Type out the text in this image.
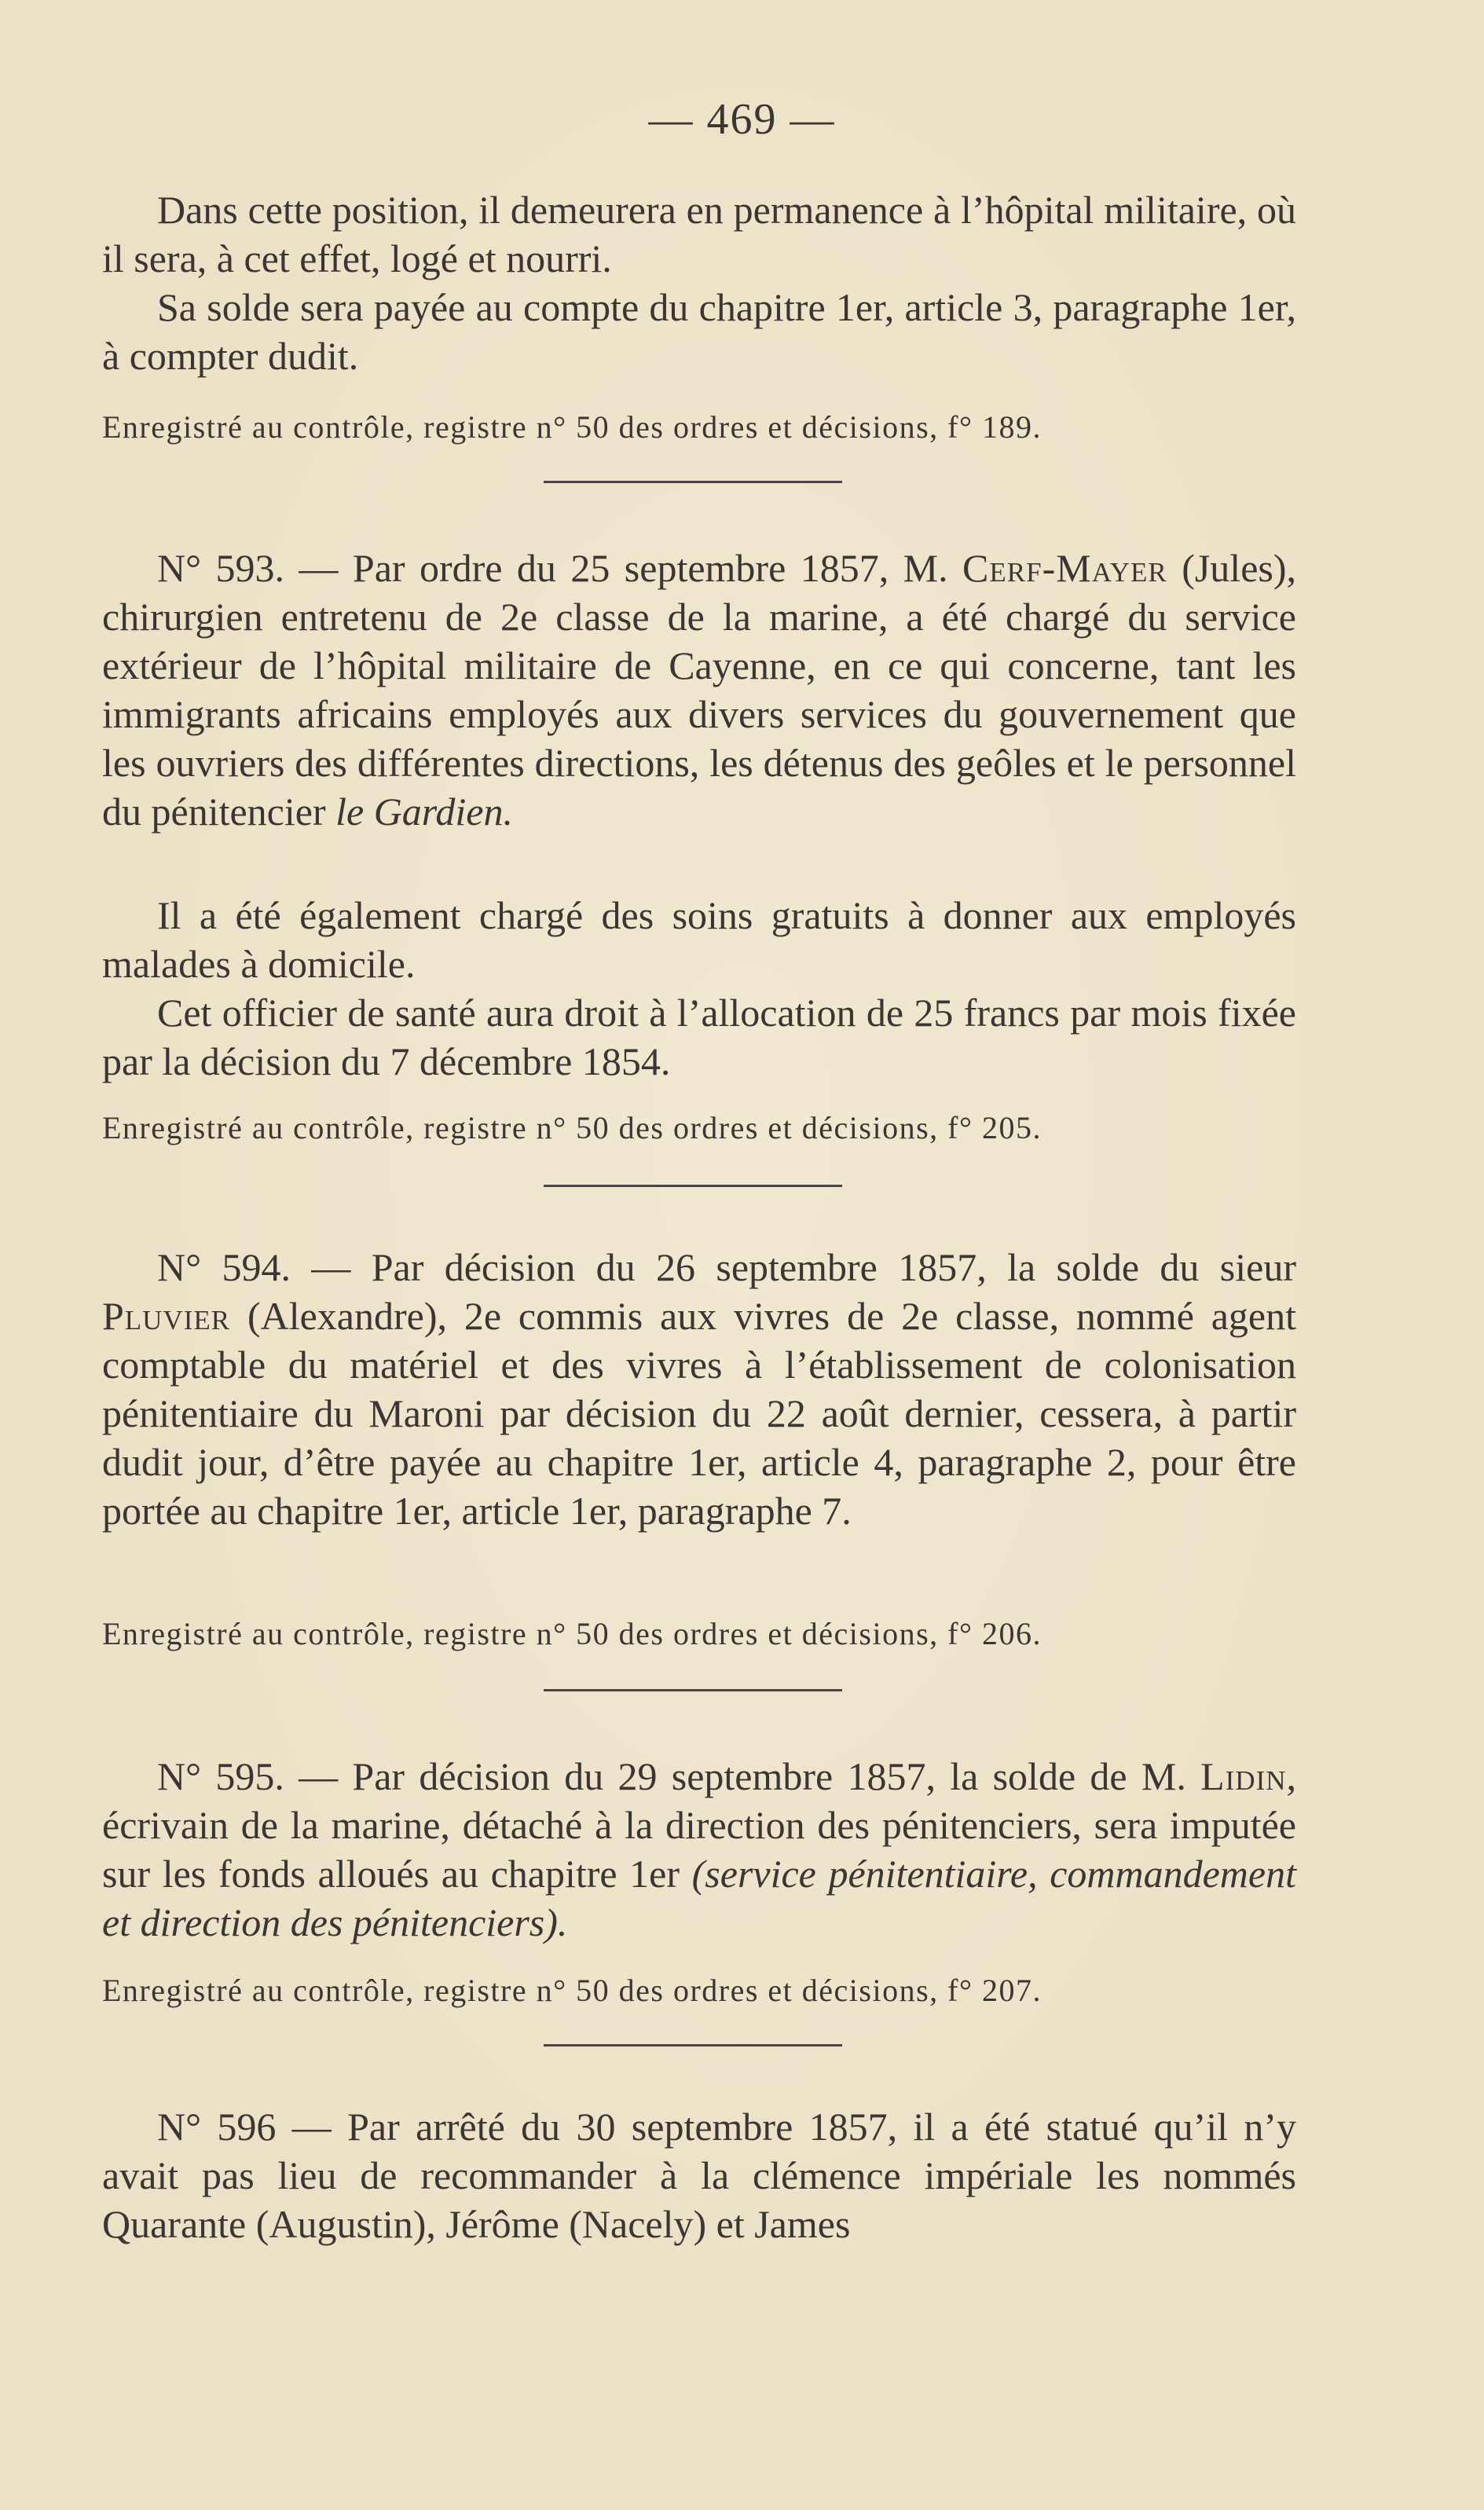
— 469 —

Dans cette position, il demeurera en permanence à l’hôpital militaire, où il sera, à cet effet, logé et nourri.

Sa solde sera payée au compte du chapitre 1er, article 3, paragraphe 1er, à compter dudit.

Enregistré au contrôle, registre n° 50 des ordres et décisions, f° 189.

N° 593. — Par ordre du 25 septembre 1857, M. Cerf-Mayer (Jules), chirurgien entretenu de 2e classe de la marine, a été chargé du service extérieur de l’hôpital militaire de Cayenne, en ce qui concerne, tant les immigrants africains employés aux divers services du gouvernement que les ouvriers des différentes directions, les détenus des geôles et le personnel du pénitencier le Gardien.

Il a été également chargé des soins gratuits à donner aux employés malades à domicile.

Cet officier de santé aura droit à l’allocation de 25 francs par mois fixée par la décision du 7 décembre 1854.

Enregistré au contrôle, registre n° 50 des ordres et décisions, f° 205.

N° 594. — Par décision du 26 septembre 1857, la solde du sieur Pluvier (Alexandre), 2e commis aux vivres de 2e classe, nommé agent comptable du matériel et des vivres à l’établissement de colonisation pénitentiaire du Maroni par décision du 22 août dernier, cessera, à partir dudit jour, d’être payée au chapitre 1er, article 4, paragraphe 2, pour être portée au chapitre 1er, article 1er, paragraphe 7.

Enregistré au contrôle, registre n° 50 des ordres et décisions, f° 206.

N° 595. — Par décision du 29 septembre 1857, la solde de M. Lidin, écrivain de la marine, détaché à la direction des pénitenciers, sera imputée sur les fonds alloués au chapitre 1er (service pénitentiaire, commandement et direction des pénitenciers).

Enregistré au contrôle, registre n° 50 des ordres et décisions, f° 207.

N° 596 — Par arrêté du 30 septembre 1857, il a été statué qu’il n’y avait pas lieu de recommander à la clémence impériale les nommés Quarante (Augustin), Jérôme (Nacely) et James
